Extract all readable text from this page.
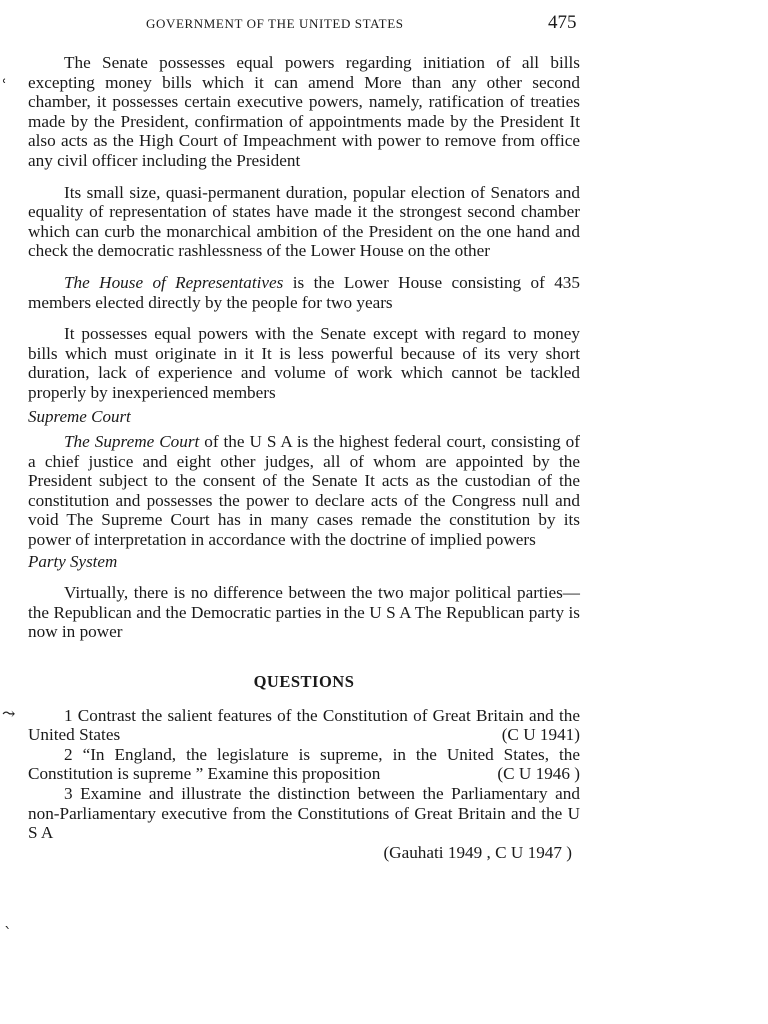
GOVERNMENT OF THE UNITED STATES	475
ʿ
⤳
ˋ

The Senate possesses equal powers regarding initiation of all bills excepting money bills which it can amend More than any other second chamber, it possesses certain executive powers, namely, ratification of treaties made by the President, confirmation of appointments made by the President It also acts as the High Court of Impeachment with power to remove from office any civil officer including the President

Its small size, quasi-permanent duration, popular election of Senators and equality of representation of states have made it the strongest second chamber which can curb the monarchical ambition of the President on the one hand and check the democratic rashlessness of the Lower House on the other

The House of Representatives is the Lower House consisting of 435 members elected directly by the people for two years

It possesses equal powers with the Senate except with regard to money bills which must originate in it It is less powerful because of its very short duration, lack of experience and volume of work which cannot be tackled properly by inexperienced members

Supreme Court

The Supreme Court of the U S A is the highest federal court, consisting of a chief justice and eight other judges, all of whom are appointed by the President subject to the consent of the Senate It acts as the custodian of the constitution and possesses the power to declare acts of the Congress null and void The Supreme Court has in many cases remade the constitution by its power of interpretation in accordance with the doctrine of implied powers

Party System

Virtually, there is no difference between the two major political parties—the Republican and the Democratic parties in the U S A The Republican party is now in power

QUESTIONS

1 Contrast the salient features of the Constitution of Great Britain and the United States	(C U 1941)

2 “In England, the legislature is supreme, in the United States, the Constitution is supreme ” Examine this proposition	(C U 1946 )

3 Examine and illustrate the distinction between the Parliamentary and non-Parliamentary executive from the Constitutions of Great Britain and the U S A

(Gauhati 1949 , C U 1947 )
